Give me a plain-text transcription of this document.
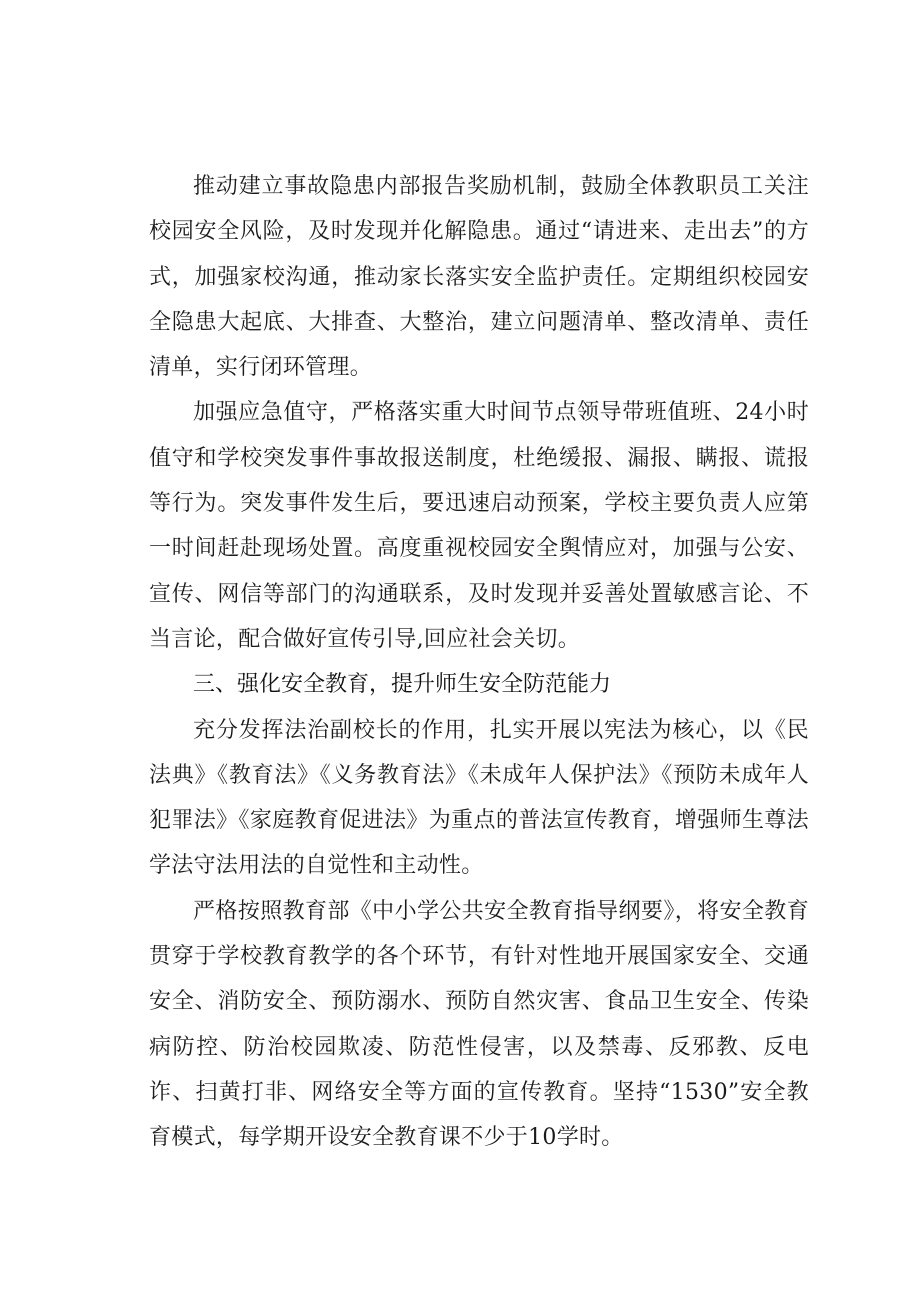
推动建立事故隐患内部报告奖励机制，鼓励全体教职员工关注校园安全风险，及时发现并化解隐患。通过“请进来、走出去”的方式，加强家校沟通，推动家长落实安全监护责任。定期组织校园安全隐患大起底、大排查、大整治，建立问题清单、整改清单、责任清单，实行闭环管理。

加强应急值守，严格落实重大时间节点领导带班值班、24小时值守和学校突发事件事故报送制度，杜绝缓报、漏报、瞒报、谎报等行为。突发事件发生后，要迅速启动预案，学校主要负责人应第一时间赶赴现场处置。高度重视校园安全舆情应对，加强与公安、宣传、网信等部门的沟通联系，及时发现并妥善处置敏感言论、不当言论，配合做好宣传引导,回应社会关切。

三、强化安全教育，提升师生安全防范能力

充分发挥法治副校长的作用，扎实开展以宪法为核心，以《民法典》《教育法》《义务教育法》《未成年人保护法》《预防未成年人犯罪法》《家庭教育促进法》为重点的普法宣传教育，增强师生尊法学法守法用法的自觉性和主动性。

严格按照教育部《中小学公共安全教育指导纲要》，将安全教育贯穿于学校教育教学的各个环节，有针对性地开展国家安全、交通安全、消防安全、预防溺水、预防自然灾害、食品卫生安全、传染病防控、防治校园欺凌、防范性侵害，以及禁毒、反邪教、反电诈、扫黄打非、网络安全等方面的宣传教育。坚持“1530”安全教育模式，每学期开设安全教育课不少于10学时。
